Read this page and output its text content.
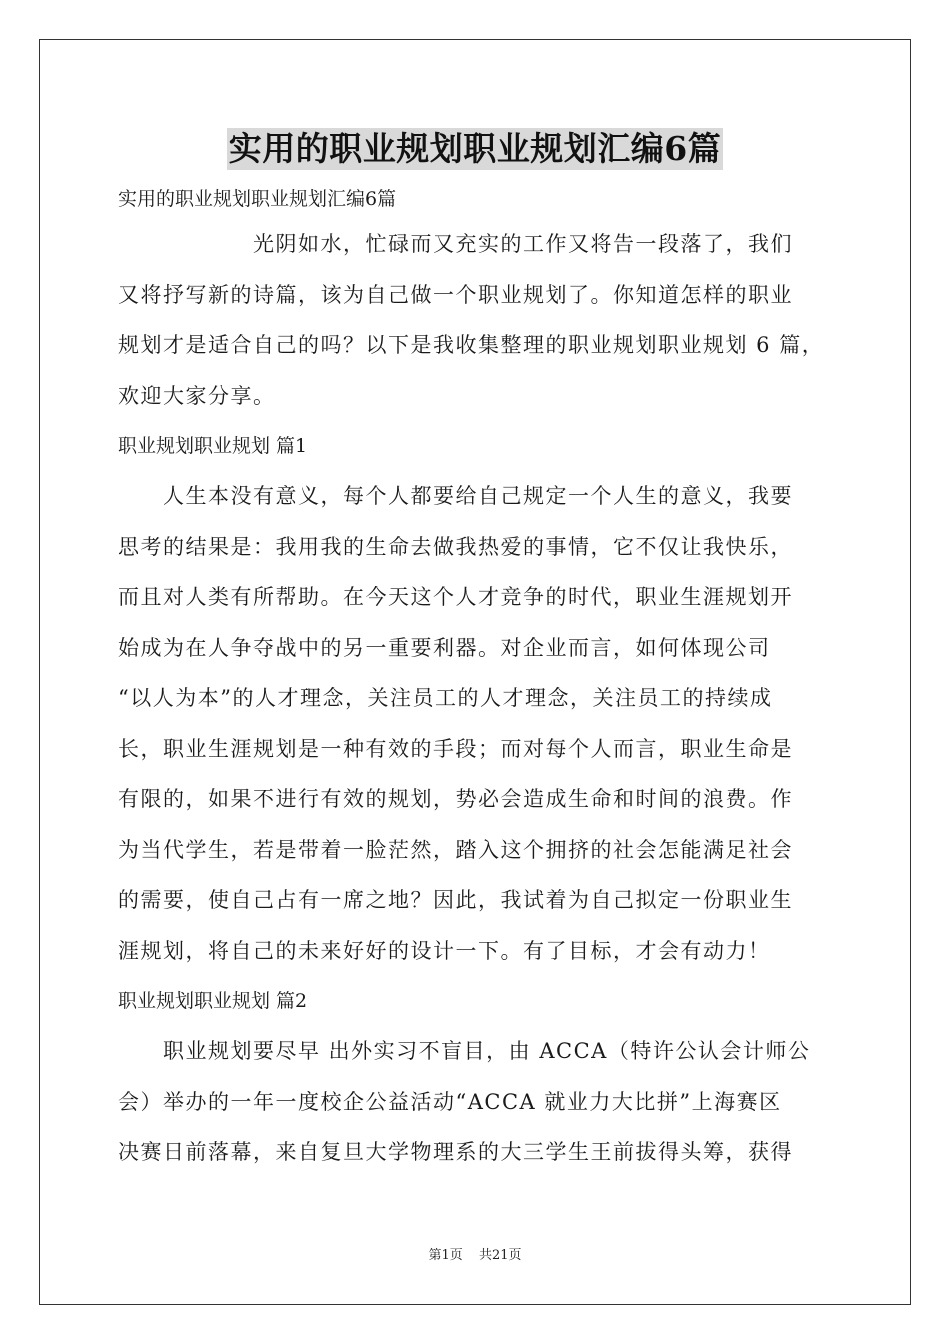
实用的职业规划职业规划汇编6篇
实用的职业规划职业规划汇编6篇
　　　　　　光阴如水，忙碌而又充实的工作又将告一段落了，我们
又将抒写新的诗篇，该为自己做一个职业规划了。你知道怎样的职业
规划才是适合自己的吗？以下是我收集整理的职业规划职业规划 6 篇，
欢迎大家分享。
职业规划职业规划 篇1
　　人生本没有意义，每个人都要给自己规定一个人生的意义，我要
思考的结果是：我用我的生命去做我热爱的事情，它不仅让我快乐，
而且对人类有所帮助。在今天这个人才竞争的时代，职业生涯规划开
始成为在人争夺战中的另一重要利器。对企业而言，如何体现公司
“以人为本”的人才理念，关注员工的人才理念，关注员工的持续成
长，职业生涯规划是一种有效的手段；而对每个人而言，职业生命是
有限的，如果不进行有效的规划，势必会造成生命和时间的浪费。作
为当代学生，若是带着一脸茫然，踏入这个拥挤的社会怎能满足社会
的需要，使自己占有一席之地？因此，我试着为自己拟定一份职业生
涯规划，将自己的未来好好的设计一下。有了目标，才会有动力！
职业规划职业规划 篇2
　　职业规划要尽早 出外实习不盲目，由 ACCA（特许公认会计师公
会）举办的一年一度校企公益活动“ACCA 就业力大比拼”上海赛区
决赛日前落幕，来自复旦大学物理系的大三学生王前拔得头筹，获得
第1页 共21页
